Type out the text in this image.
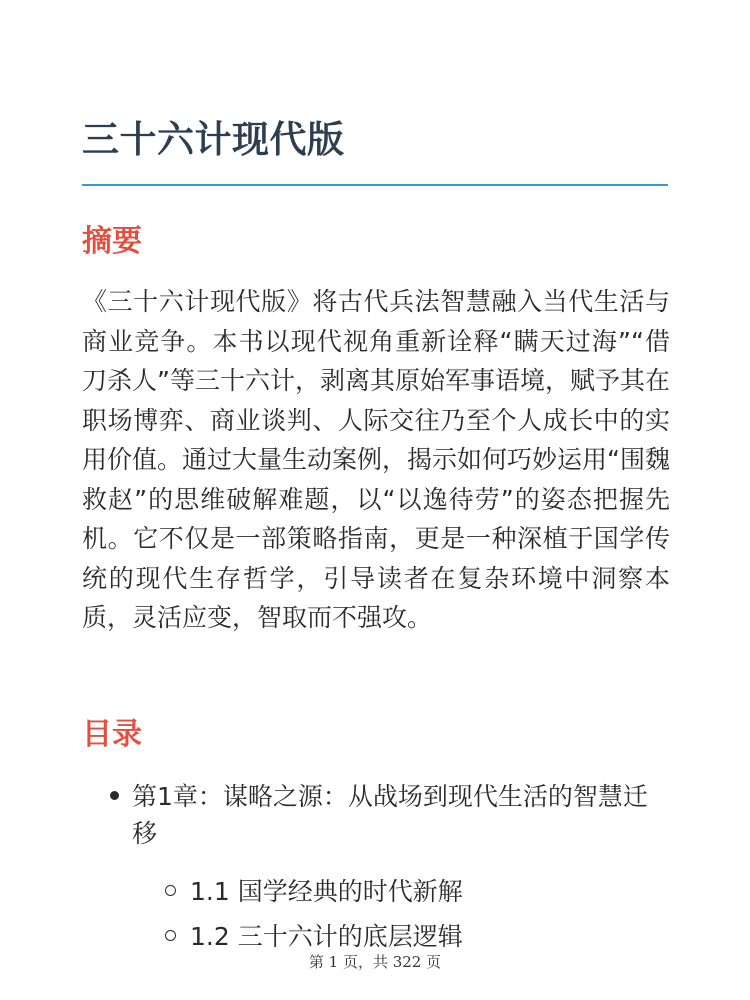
三十六计现代版
摘要

《三十六计现代版》将古代兵法智慧融入当代生活与商业竞争。本书以现代视角重新诠释“瞒天过海”“借刀杀人”等三十六计，剥离其原始军事语境，赋予其在职场博弈、商业谈判、人际交往乃至个人成长中的实用价值。通过大量生动案例，揭示如何巧妙运用“围魏救赵”的思维破解难题，以“以逸待劳”的姿态把握先机。它不仅是一部策略指南，更是一种深植于国学传统的现代生存哲学，引导读者在复杂环境中洞察本质，灵活应变，智取而不强攻。

目录
第1章：谋略之源：从战场到现代生活的智慧迁移
1.1 国学经典的时代新解
1.2 三十六计的底层逻辑
第 1 页，共 322 页
